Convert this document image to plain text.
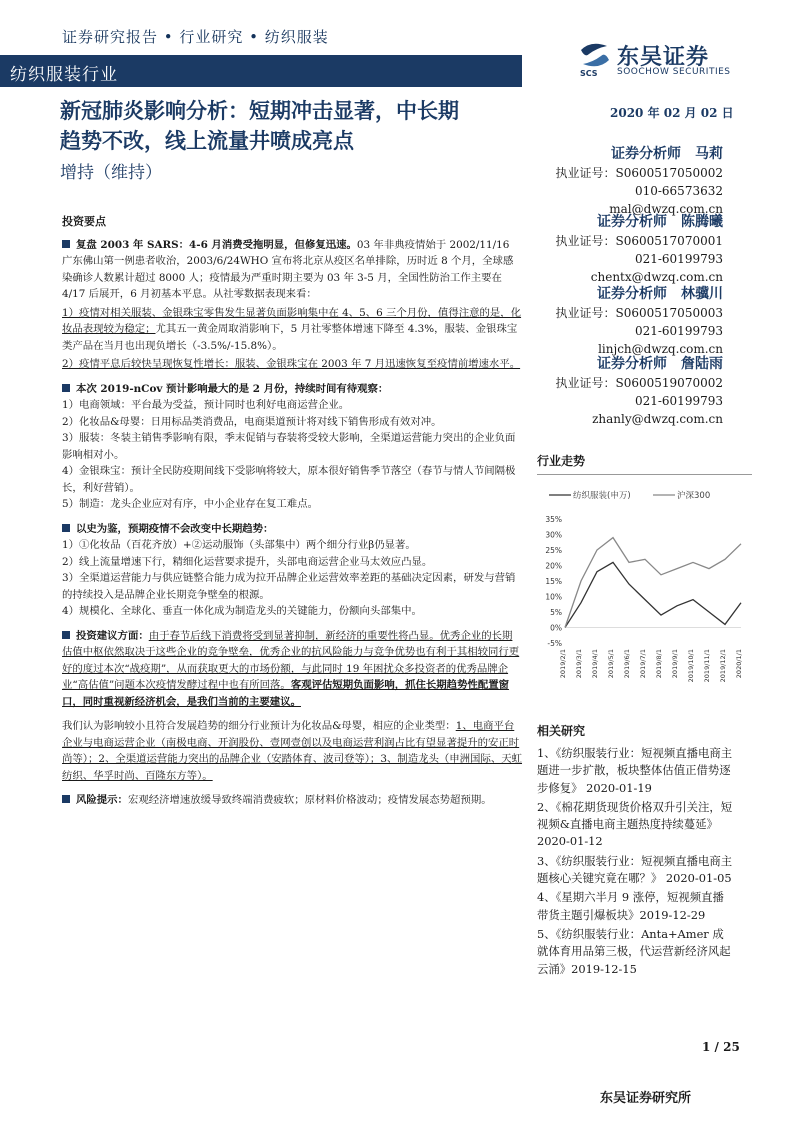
证券研究报告 • 行业研究 • 纺织服装
纺织服装行业	SCS
东吴证券
SOOCHOW SECURITIES
新冠肺炎影响分析：短期冲击显著，中长期
趋势不改，线上流量井喷成亮点
增持（维持）
2020 年 02 月 02 日
证券分析师　马莉
执业证号：S0600517050002
010-66573632
mal@dwzq.com.cn
证券分析师　陈腾曦
执业证号：S0600517070001
021-60199793
chentx@dwzq.com.cn
证券分析师　林骥川
执业证号：S0600517050003
021-60199793
linjch@dwzq.com.cn
证券分析师　詹陆雨
执业证号：S0600519070002
021-60199793
zhanly@dwzq.com.cn
投资要点

复盘 2003 年 SARS：4-6 月消费受拖明显，但修复迅速。03 年非典疫情始于 2002/11/16 广东佛山第一例患者收治，2003/6/24WHO 宣布将北京从疫区名单排除，历时近 8 个月，全球感染确诊人数累计超过 8000 人；疫情最为严重时期主要为 03 年 3-5 月，全国性防治工作主要在 4/17 后展开，6 月初基本平息。从社零数据表现来看：

1）疫情对相关服装、金银珠宝零售发生显著负面影响集中在 4、5、6 三个月份，值得注意的是，化妆品表现较为稳定；尤其五一黄金周取消影响下，5 月社零整体增速下降至 4.3%，服装、金银珠宝类产品在当月也出现负增长（-3.5%/-15.8%）。

2）疫情平息后较快呈现恢复性增长：服装、金银珠宝在 2003 年 7 月迅速恢复至疫情前增速水平。

本次 2019-nCov 预计影响最大的是 2 月份，持续时间有待观察：

1）电商领域：平台最为受益，预计同时也利好电商运营企业。
2）化妆品&母婴：日用标品类消费品，电商渠道预计将对线下销售形成有效对冲。
3）服装：冬装主销售季影响有限，季末促销与春装将受较大影响，全渠道运营能力突出的企业负面影响相对小。
4）金银珠宝：预计全民防疫期间线下受影响将较大，原本很好销售季节落空（春节与情人节间隔极长，利好营销）。
5）制造：龙头企业应对有序，中小企业存在复工难点。

以史为鉴，预期疫情不会改变中长期趋势：

1）①化妆品（百花齐放）+②运动服饰（头部集中）两个细分行业β仍显著。
2）线上流量增速下行，精细化运营要求提升，头部电商运营企业马太效应凸显。
3）全渠道运营能力与供应链整合能力成为拉开品牌企业运营效率差距的基础决定因素，研发与营销的持续投入是品牌企业长期竞争壁垒的根源。
4）规模化、全球化、垂直一体化成为制造龙头的关键能力，份额向头部集中。

投资建议方面：由于春节后线下消费将受到显著抑制，新经济的重要性将凸显。优秀企业的长期估值中枢依然取决于这些企业的竞争壁垒，优秀企业的抗风险能力与竞争优势也有利于其相较同行更好的度过本次“战疫期”，从而获取更大的市场份额，与此同时 19 年困扰众多投资者的优秀品牌企业“高估值”问题本次疫情发酵过程中也有所回落。客观评估短期负面影响，抓住长期趋势性配置窗口，同时重视新经济机会，是我们当前的主要建议。

我们认为影响较小且符合发展趋势的细分行业预计为化妆品&母婴，相应的企业类型：1、电商平台企业与电商运营企业（南极电商、开润股份、壹网壹创以及电商运营利润占比有望显著提升的安正时尚等）；2、全渠道运营能力突出的品牌企业（安踏体育、波司登等）；3、制造龙头（申洲国际、天虹纺织、华孚时尚、百隆东方等）。

风险提示：宏观经济增速放缓导致终端消费疲软；原材料价格波动；疫情发展态势超预期。

行业走势
纺织服装(申万)	沪深300
35%
30%
25%
20%
15%
10%
5%
0%
-5%
2019/2/1 2019/3/1 2019/4/1 2019/5/1 2019/6/1 2019/7/1 2019/8/1 2019/9/1 2019/10/1 2019/11/1 2019/12/1 2020/1/1
相关研究

1、《纺织服装行业：短视频直播电商主题进一步扩散，板块整体估值正借势逐步修复》 2020-01-19

2、《棉花期货现货价格双升引关注，短视频&直播电商主题热度持续蔓延》2020-01-12

3、《纺织服装行业：短视频直播电商主题核心关键究竟在哪？》 2020-01-05

4、《星期六半月 9 涨停，短视频直播带货主题引爆板块》2019-12-29

5、《纺织服装行业：Anta+Amer 成就体育用品第三极，代运营新经济风起云涌》2019-12-15

1 / 25
东吴证券研究所
